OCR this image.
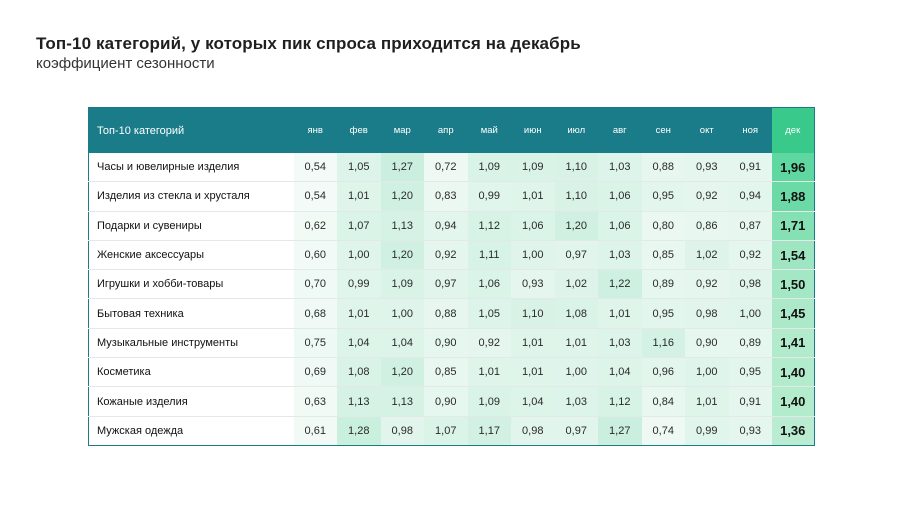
Топ-10 категорий, у которых пик спроса приходится на декабрь
коэффициент сезонности
Топ-10 категорий	янв	фев	мар	апр	май	июн	июл	авг	сен	окт	ноя	дек
Часы и ювелирные изделия	0,54	1,05	1,27	0,72	1,09	1,09	1,10	1,03	0,88	0,93	0,91	1,96
Изделия из стекла и хрусталя	0,54	1,01	1,20	0,83	0,99	1,01	1,10	1,06	0,95	0,92	0,94	1,88
Подарки и сувениры	0,62	1,07	1,13	0,94	1,12	1,06	1,20	1,06	0,80	0,86	0,87	1,71
Женские аксессуары	0,60	1,00	1,20	0,92	1,11	1,00	0,97	1,03	0,85	1,02	0,92	1,54
Игрушки и хобби-товары	0,70	0,99	1,09	0,97	1,06	0,93	1,02	1,22	0,89	0,92	0,98	1,50
Бытовая техника	0,68	1,01	1,00	0,88	1,05	1,10	1,08	1,01	0,95	0,98	1,00	1,45
Музыкальные инструменты	0,75	1,04	1,04	0,90	0,92	1,01	1,01	1,03	1,16	0,90	0,89	1,41
Косметика	0,69	1,08	1,20	0,85	1,01	1,01	1,00	1,04	0,96	1,00	0,95	1,40
Кожаные изделия	0,63	1,13	1,13	0,90	1,09	1,04	1,03	1,12	0,84	1,01	0,91	1,40
Мужская одежда	0,61	1,28	0,98	1,07	1,17	0,98	0,97	1,27	0,74	0,99	0,93	1,36
